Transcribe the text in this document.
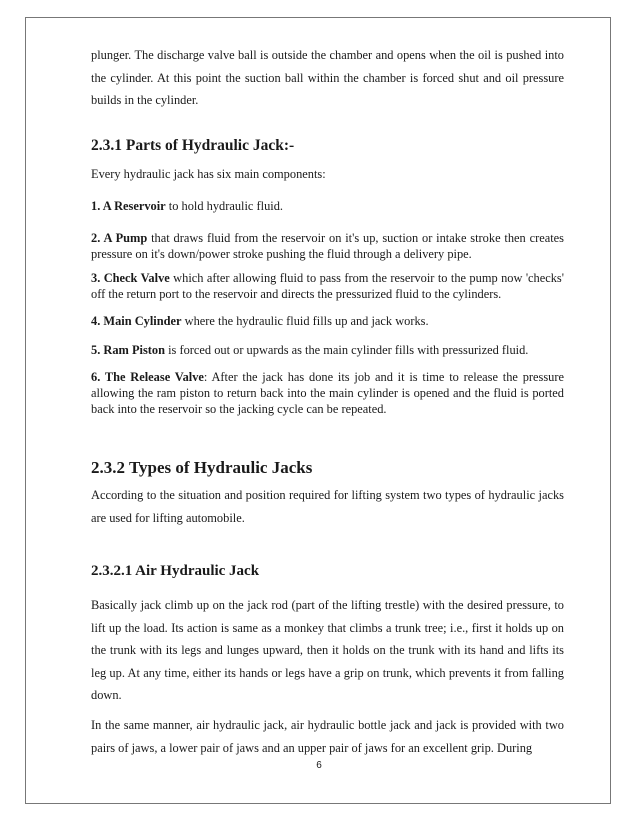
plunger. The discharge valve ball is outside the chamber and opens when the oil is pushed into the cylinder. At this point the suction ball within the chamber is forced shut and oil pressure builds in the cylinder.

2.3.1 Parts of Hydraulic Jack:-

Every hydraulic jack has six main components:

1. A Reservoir to hold hydraulic fluid.

2. A Pump that draws fluid from the reservoir on it's up, suction or intake stroke then creates pressure on it's down/power stroke pushing the fluid through a delivery pipe.

3. Check Valve which after allowing fluid to pass from the reservoir to the pump now 'checks' off the return port to the reservoir and directs the pressurized fluid to the cylinders.

4. Main Cylinder where the hydraulic fluid fills up and jack works.

5. Ram Piston is forced out or upwards as the main cylinder fills with pressurized fluid.

6. The Release Valve: After the jack has done its job and it is time to release the pressure allowing the ram piston to return back into the main cylinder is opened and the fluid is ported back into the reservoir so the jacking cycle can be repeated.

2.3.2 Types of Hydraulic Jacks

According to the situation and position required for lifting system two types of hydraulic jacks are used for lifting automobile.

2.3.2.1 Air Hydraulic Jack

Basically jack climb up on the jack rod (part of the lifting trestle) with the desired pressure, to lift up the load. Its action is same as a monkey that climbs a trunk tree; i.e., first it holds up on the trunk with its legs and lunges upward, then it holds on the trunk with its hand and lifts its leg up. At any time, either its hands or legs have a grip on trunk, which prevents it from falling down.

In the same manner, air hydraulic jack, air hydraulic bottle jack and jack is provided with two pairs of jaws, a lower pair of jaws and an upper pair of jaws for an excellent grip. During

6
